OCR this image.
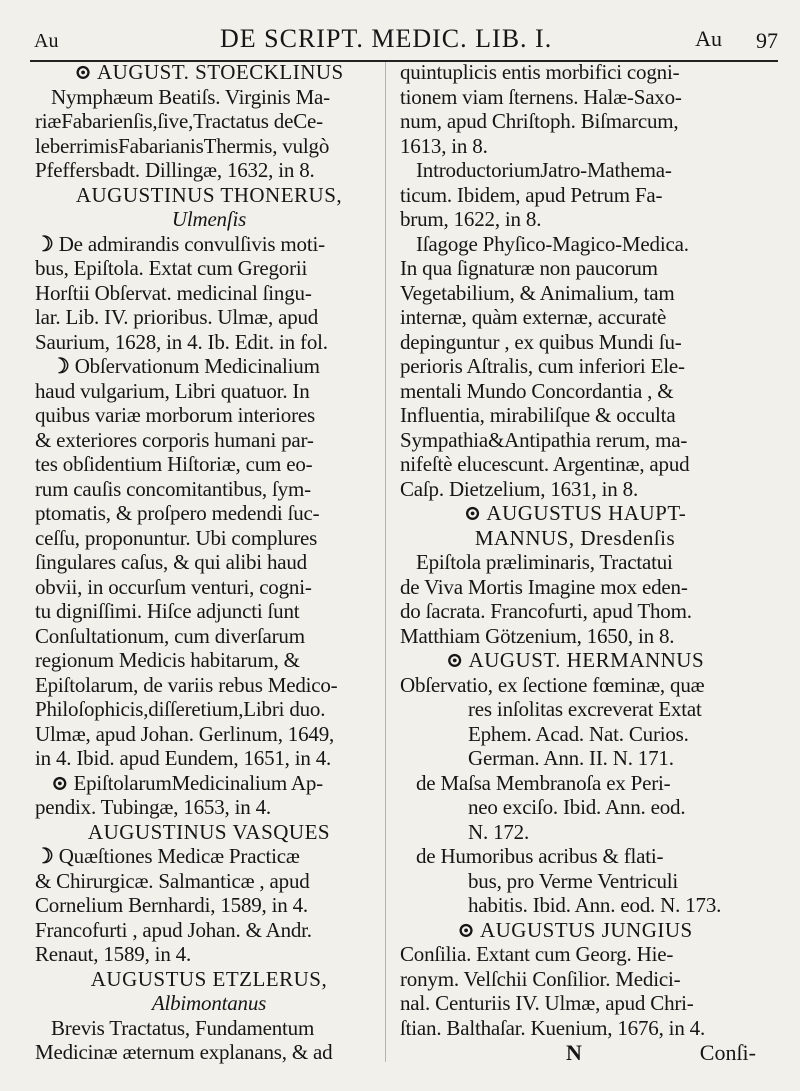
Au	DE SCRIPT. MEDIC. LIB. I.	Au 97
⊙ AUGUST. STOECKLINUS
Nymphæum Beatiſs. Virginis Ma-
riæFabarienſis,ſive,Tractatus deCe-
leberrimisFabarianisThermis, vulgò
Pfeffersbadt. Dillingæ, 1632, in 8.
AUGUSTINUS THONERUS,
Ulmenſis
☽ De admirandis convulſivis moti-
bus, Epiſtola. Extat cum Gregorii
Horſtii Obſervat. medicinal ſingu-
lar. Lib. IV. prioribus. Ulmæ, apud
Saurium, 1628, in 4. Ib. Edit. in fol.
☽ Obſervationum Medicinalium
haud vulgarium, Libri quatuor. In
quibus variæ morborum interiores
& exteriores corporis humani par-
tes obſidentium Hiſtoriæ, cum eo-
rum cauſis concomitantibus, ſym-
ptomatis, & proſpero medendi ſuc-
ceſſu, proponuntur. Ubi complures
ſingulares caſus, & qui alibi haud
obvii, in occurſum venturi, cogni-
tu digniſſimi. Hiſce adjuncti ſunt
Conſultationum, cum diverſarum
regionum Medicis habitarum, &
Epiſtolarum, de variis rebus Medico-
Philoſophicis,diſſeretium,Libri duo.
Ulmæ, apud Johan. Gerlinum, 1649,
in 4. Ibid. apud Eundem, 1651, in 4.
⊙ EpiſtolarumMedicinalium Ap-
pendix. Tubingæ, 1653, in 4.
AUGUSTINUS VASQUES
☽ Quæſtiones Medicæ Practicæ
& Chirurgicæ. Salmanticæ , apud
Cornelium Bernhardi, 1589, in 4.
Francofurti , apud Johan. & Andr.
Renaut, 1589, in 4.
AUGUSTUS ETZLERUS,
Albimontanus
Brevis Tractatus, Fundamentum
Medicinæ æternum explanans, & ad
quintuplicis entis morbifici cogni-
tionem viam ſternens. Halæ-Saxo-
num, apud Chriſtoph. Biſmarcum,
1613, in 8.
IntroductoriumJatro-Mathema-
ticum. Ibidem, apud Petrum Fa-
brum, 1622, in 8.
Iſagoge Phyſico-Magico-Medica.
In qua ſignaturæ non paucorum
Vegetabilium, & Animalium, tam
internæ, quàm externæ, accuratè
depinguntur , ex quibus Mundi ſu-
perioris Aſtralis, cum inferiori Ele-
mentali Mundo Concordantia , &
Influentia, mirabiliſque & occulta
Sympathia&Antipathia rerum, ma-
nifeſtè elucescunt. Argentinæ, apud
Caſp. Dietzelium, 1631, in 8.
⊙ AUGUSTUS HAUPT-
MANNUS, Dresdenſis
Epiſtola præliminaris, Tractatui
de Viva Mortis Imagine mox eden-
do ſacrata. Francofurti, apud Thom.
Matthiam Götzenium, 1650, in 8.
⊙ AUGUST. HERMANNUS
Obſervatio, ex ſectione fœminæ, quæ
res inſolitas excreverat Extat
Ephem. Acad. Nat. Curios.
German. Ann. II. N. 171.
de Maſsa Membranoſa ex Peri-
neo exciſo. Ibid. Ann. eod.
N. 172.
de Humoribus acribus & flati-
bus, pro Verme Ventriculi
habitis. Ibid. Ann. eod. N. 173.
⊙ AUGUSTUS JUNGIUS
Conſilia. Extant cum Georg. Hie-
ronym. Velſchii Conſilior. Medici-
nal. Centuriis IV. Ulmæ, apud Chri-
ſtian. Balthaſar. Kuenium, 1676, in 4.
N	Conſi-
